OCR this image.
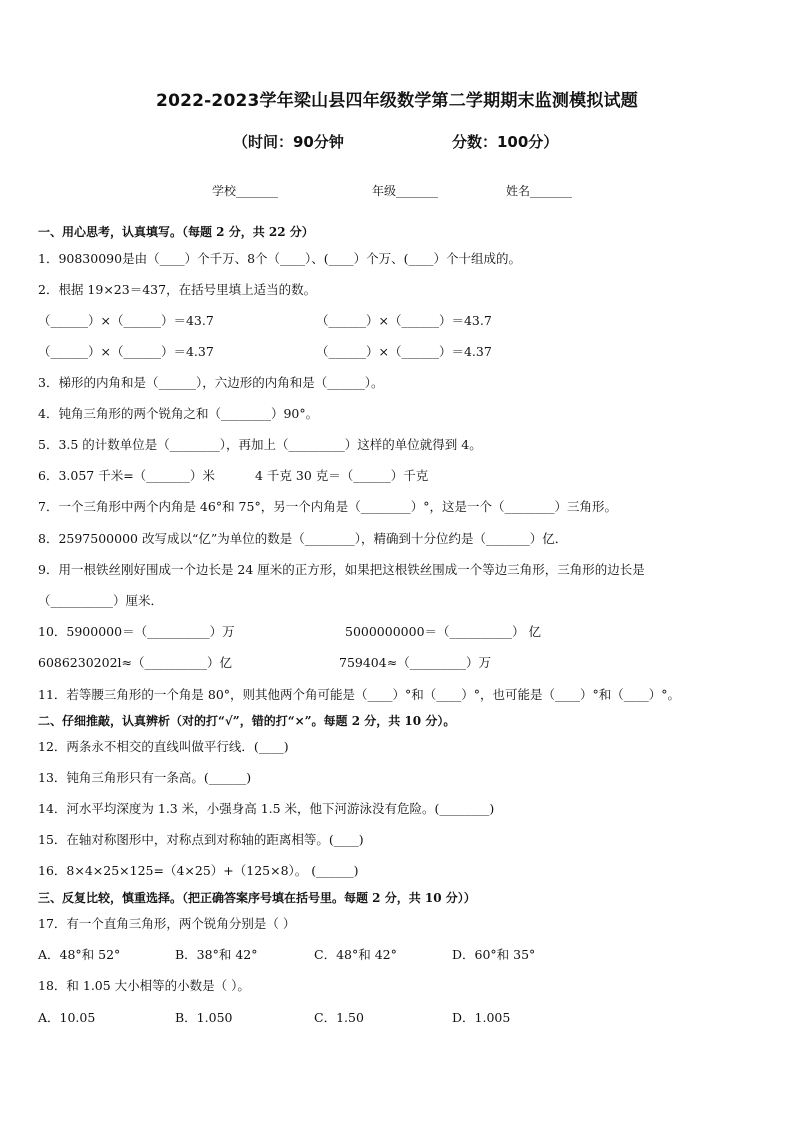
2022-2023学年梁山县四年级数学第二学期期末监测模拟试题
（时间：90分钟	分数：100分）
学校_______	年级_______	姓名_______
一、用心思考，认真填写。（每题 2 分，共 22 分）
1．90830090是由（____）个千万、8个（____）、(____）个万、(____）个十组成的。
2．根据 19×23＝437，在括号里填上适当的数。
（______）×（______）＝43.7	（______）×（______）＝43.7
（______）×（______）＝4.37	（______）×（______）＝4.37
3．梯形的内角和是（______），六边形的内角和是（______）。
4．钝角三角形的两个锐角之和（________）90°。
5．3.5 的计数单位是（________），再加上（_________）这样的单位就得到 4。
6．3.057 千米=（_______）米	4 千克 30 克＝（______）千克
7．一个三角形中两个内角是 46°和 75°，另一个内角是（________）°，这是一个（________）三角形。
8．2597500000 改写成以“亿”为单位的数是（________），精确到十分位约是（_______）亿．
9．用一根铁丝刚好围成一个边长是 24 厘米的正方形，如果把这根铁丝围成一个等边三角形，三角形的边长是
（__________）厘米．
10．5900000＝（__________）万	5000000000＝（__________） 亿
6086230202l≈（__________）亿	759404≈（_________）万
11．若等腰三角形的一个角是 80°，则其他两个角可能是（____）°和（____）°，也可能是（____）°和（____）°。
二、仔细推敲，认真辨析（对的打“√”，错的打“×”。每题 2 分，共 10 分）。
12．两条永不相交的直线叫做平行线．(____)
13．钝角三角形只有一条高。(______)
14．河水平均深度为 1.3 米，小强身高 1.5 米，他下河游泳没有危险。(________)
15．在轴对称图形中，对称点到对称轴的距离相等。(____)
16．8×4×25×125=（4×25）+（125×8）。 (______)
三、反复比较，慎重选择。（把正确答案序号填在括号里。每题 2 分，共 10 分））
17．有一个直角三角形，两个锐角分别是（ ）
A．48°和 52°	B．38°和 42°	C．48°和 42°	D．60°和 35°
18．和 1.05 大小相等的小数是（ ）。
A．10.05	B．1.050	C．1.50	D．1.005
